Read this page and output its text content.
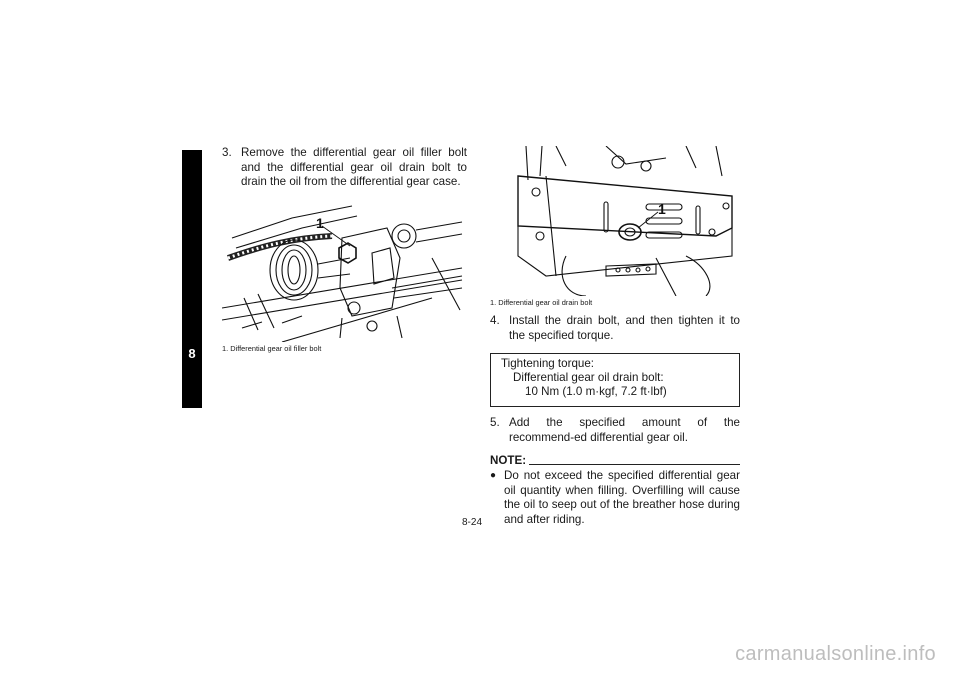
8
3. Remove the differential gear oil filler bolt and the differential gear oil drain bolt to drain the oil from the differential gear case.
1
1. Differential gear oil filler bolt
1
1. Differential gear oil drain bolt
4. Install the drain bolt, and then tighten it to the specified torque.
Tightening torque:
Differential gear oil drain bolt:
10 Nm (1.0 m·kgf, 7.2 ft·lbf)
5. Add the specified amount of the recommend-ed differential gear oil.
NOTE:
● Do not exceed the specified differential gear oil quantity when filling. Overfilling will cause the oil to seep out of the breather hose during and after riding.
8-24
carmanualsonline.info
